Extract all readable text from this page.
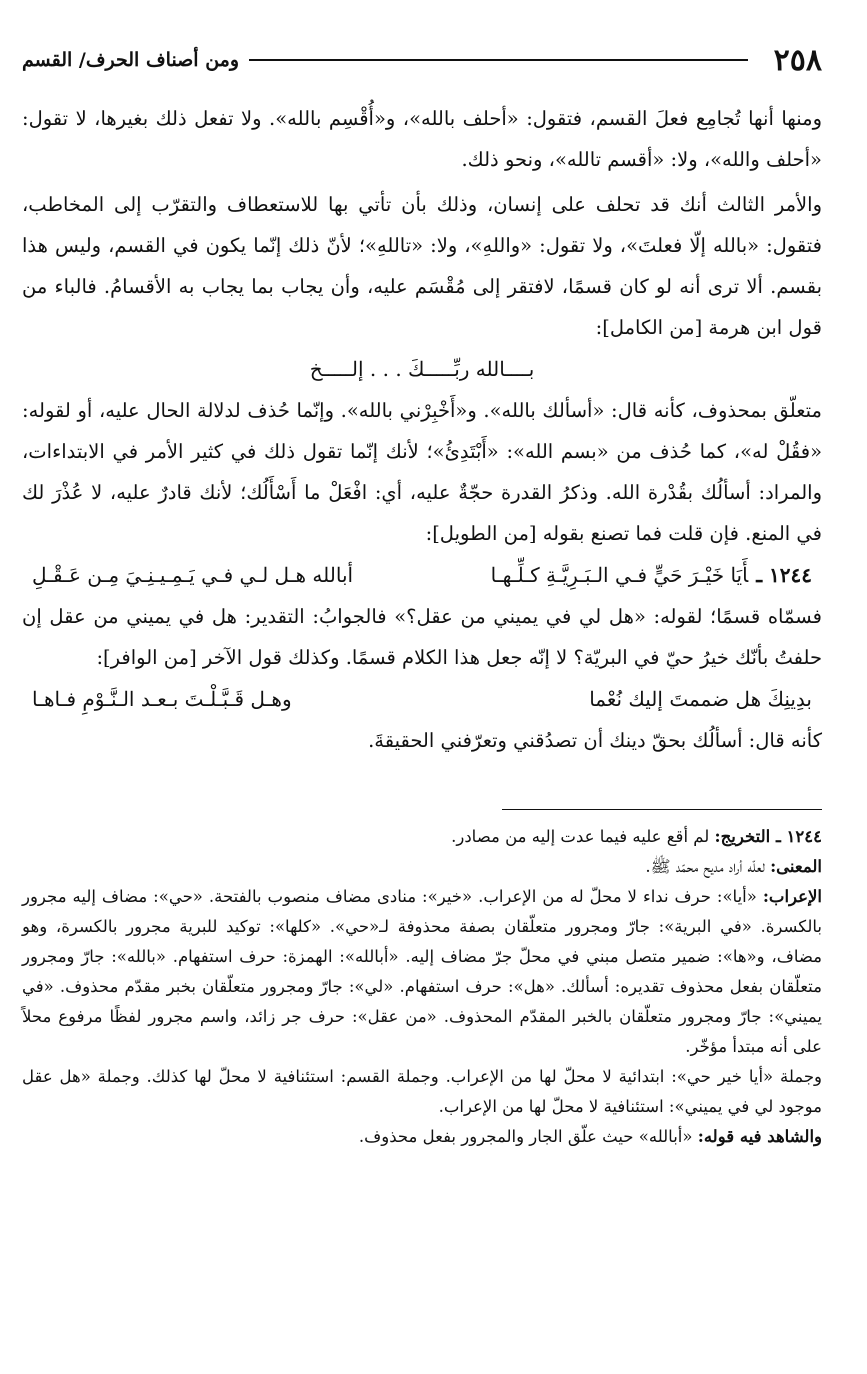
٢٥٨
ومن أصناف الحرف/ القسم

ومنها أنها تُجامِع فعلَ القسم، فتقول: «أحلف بالله»، و«أُقْسِم بالله». ولا تفعل ذلك بغيرها، لا تقول: «أحلف والله»، ولا: «أقسم تالله»، ونحو ذلك.

والأمر الثالث أنك قد تحلف على إنسان، وذلك بأن تأتي بها للاستعطاف والتقرّب إلى المخاطب، فتقول: «بالله إلّا فعلتَ»، ولا تقول: «واللهِ»، ولا: «تاللهِ»؛ لأنّ ذلك إنّما يكون في القسم، وليس هذا بقسم. ألا ترى أنه لو كان قسمًا، لافتقر إلى مُقْسَم عليه، وأن يجاب بما يجاب به الأقسامُ. فالباء من قول ابن هرمة [من الكامل]:

بــــالله ربِّـــــكَ . . . إلـــــخ

متعلّق بمحذوف، كأنه قال: «أسألك بالله». و«أَخْبِرْني بالله». وإنّما حُذف لدلالة الحال عليه، أو لقوله: «فقُلْ له»، كما حُذف من «بسم الله»: «أَبْتَدِئُ»؛ لأنك إنّما تقول ذلك في كثير الأمر في الابتداءات، والمراد: أسألُك بقُدْرة الله. وذكرُ القدرة حجّةٌ عليه، أي: افْعَلْ ما أَسْأَلُك؛ لأنك قادرٌ عليه، لا عُذْرَ لك في المنع. فإن قلت فما تصنع بقوله [من الطويل]:

١٢٤٤ ـأَيَا خَيْـرَ حَيٍّ فـي الـبَـرِيَّـةِ كـلِّـهـا
أبالله هـل لـي فـي يَـمِـيـنِـيَ مِـن عَـقْـلِ

فسمّاه قسمًا؛ لقوله: «هل لي في يميني من عقل؟» فالجوابُ: التقدير: هل في يميني من عقل إن حلفتُ بأنّك خيرُ حيّ في البريّة؟ لا إنّه جعل هذا الكلام قسمًا. وكذلك قول الآخر [من الوافر]:

بدِينِكَ هل ضممتَ إليك نُعْما
وهـل قَـبَّـلْـتَ بـعـد الـنَّـوْمِ فـاهـا

كأنه قال: أسألُك بحقّ دينك أن تصدُقني وتعرّفني الحقيقةَ.

١٢٤٤ ـ التخريج: لم أقع عليه فيما عدت إليه من مصادر.

المعنى: لعلّه أراد مديح محمّد ﷺ.

الإعراب: «أيا»: حرف نداء لا محلّ له من الإعراب. «خير»: منادى مضاف منصوب بالفتحة. «حي»: مضاف إليه مجرور بالكسرة. «في البرية»: جارّ ومجرور متعلّقان بصفة محذوفة لـ«حي». «كلها»: توكيد للبرية مجرور بالكسرة، وهو مضاف، و«ها»: ضمير متصل مبني في محلّ جرّ مضاف إليه. «أبالله»: الهمزة: حرف استفهام. «بالله»: جارّ ومجرور متعلّقان بفعل محذوف تقديره: أسألك. «هل»: حرف استفهام. «لي»: جارّ ومجرور متعلّقان بخبر مقدّم محذوف. «في يميني»: جارّ ومجرور متعلّقان بالخبر المقدّم المحذوف. «من عقل»: حرف جر زائد، واسم مجرور لفظًا مرفوع محلاً على أنه مبتدأ مؤخّر.

وجملة «أيا خير حي»: ابتدائية لا محلّ لها من الإعراب. وجملة القسم: استئنافية لا محلّ لها كذلك. وجملة «هل عقل موجود لي في يميني»: استئنافية لا محلّ لها من الإعراب.

والشاهد فيه قوله: «أبالله» حيث علّق الجار والمجرور بفعل محذوف.
